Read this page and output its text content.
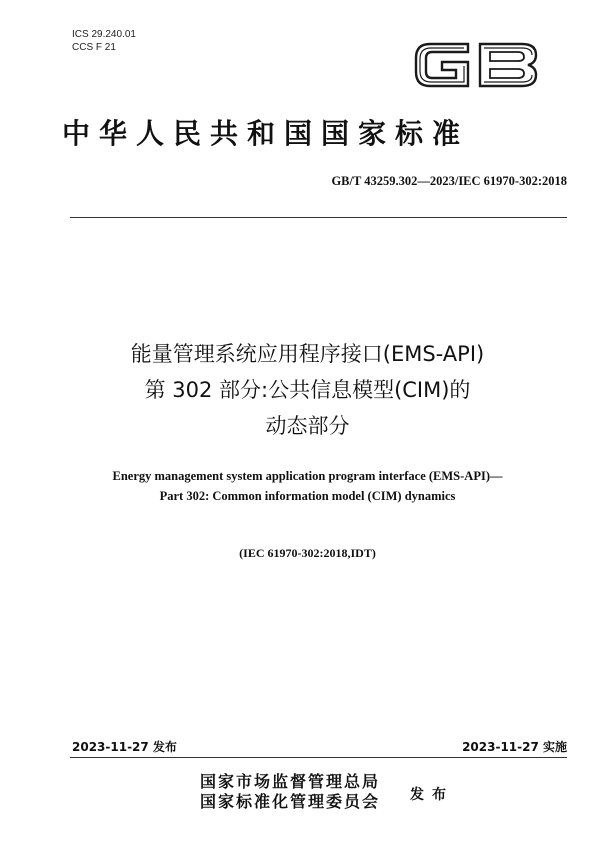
ICS 29.240.01
CCS F 21
GB
中华人民共和国国家标准
GB/T 43259.302—2023/IEC 61970-302:2018
能量管理系统应用程序接口(EMS-API)
第 302 部分:公共信息模型(CIM)的
动态部分
Energy management system application program interface (EMS-API)—
Part 302: Common information model (CIM) dynamics
(IEC 61970-302:2018,IDT)
2023-11-27 发布	2023-11-27 实施
国家市场监督管理总局
国家标准化管理委员会 发布
